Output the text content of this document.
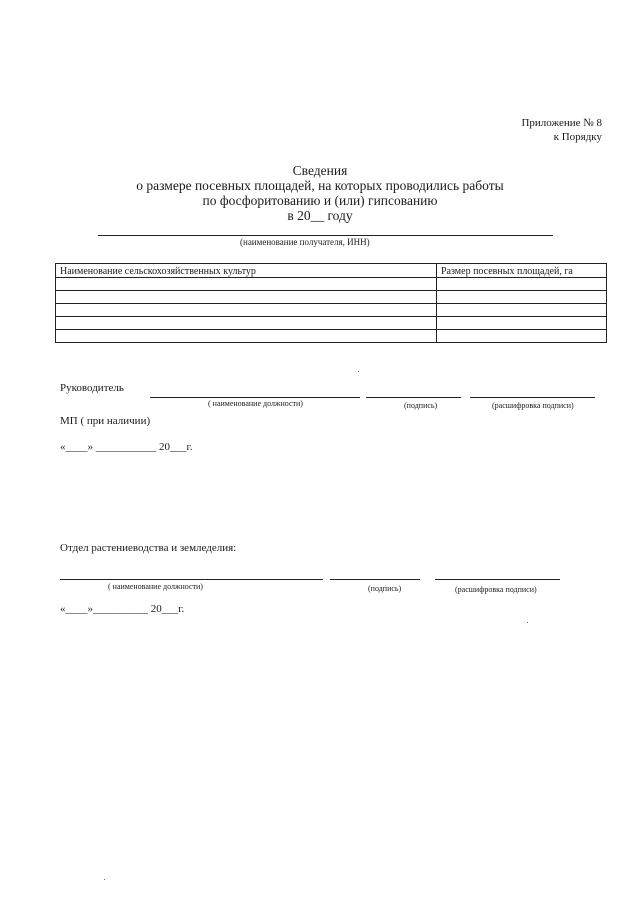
Приложение № 8
к Порядку
Сведения
о размере посевных площадей, на которых проводились работы
по фосфоритованию и (или) гипсованию
в 20__ году
(наименование получателя, ИНН)
Наименование сельскохозяйственных культур	Размер посевных площадей, га

Руководитель
( наименование должности)	(подпись)	(расшифровка подписи)
МП ( при наличии)
«____» ___________ 20___г.
Отдел растениеводства и земледелия:
( наименование должности)	(подпись)	(расшифровка подписи)
«____»__________ 20___г.
